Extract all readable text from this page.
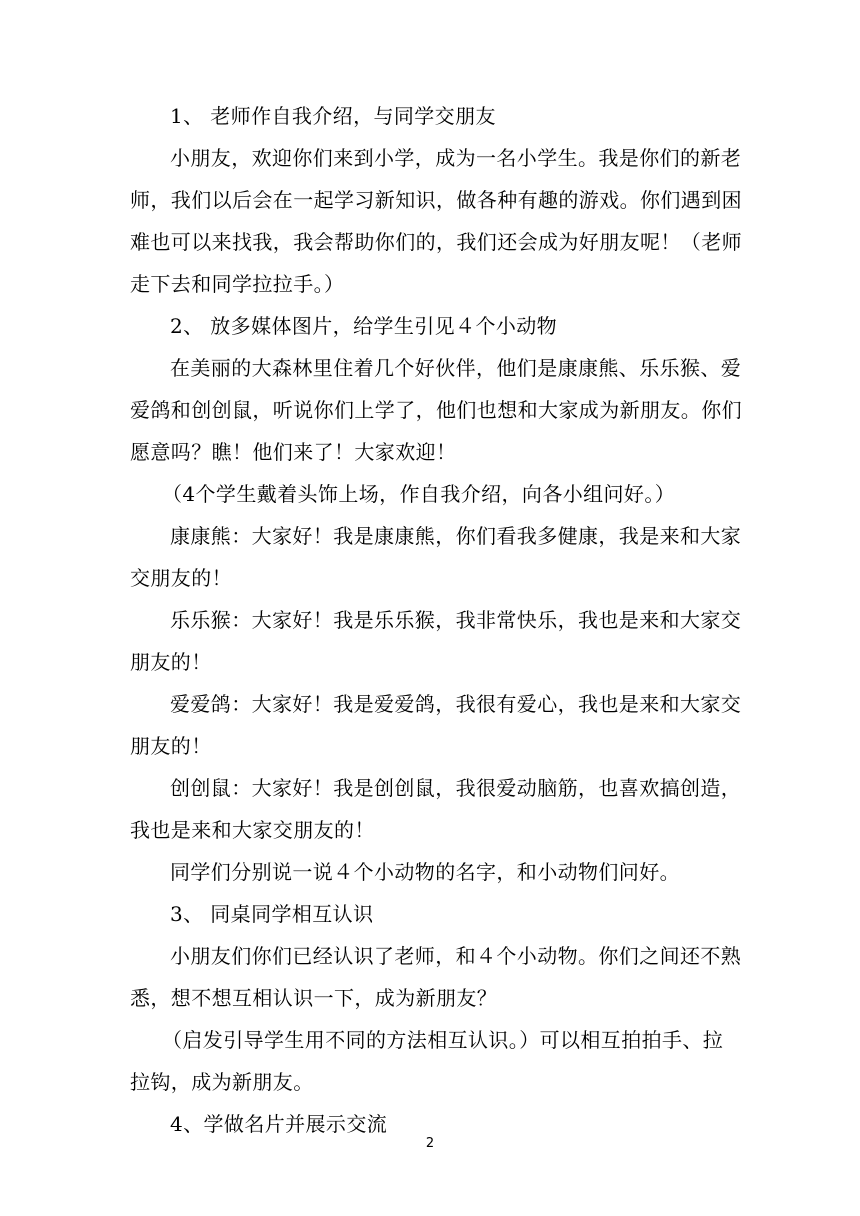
1、 老师作自我介绍，与同学交朋友
小朋友，欢迎你们来到小学，成为一名小学生。我是你们的新老
师，我们以后会在一起学习新知识，做各种有趣的游戏。你们遇到困
难也可以来找我，我会帮助你们的，我们还会成为好朋友呢！（老师
走下去和同学拉拉手。）
2、 放多媒体图片，给学生引见４个小动物
在美丽的大森林里住着几个好伙伴，他们是康康熊、乐乐猴、爱
爱鸽和创创鼠，听说你们上学了，他们也想和大家成为新朋友。你们
愿意吗？瞧！他们来了！大家欢迎！
（4个学生戴着头饰上场，作自我介绍，向各小组问好。）
康康熊：大家好！我是康康熊，你们看我多健康，我是来和大家
交朋友的！
乐乐猴：大家好！我是乐乐猴，我非常快乐，我也是来和大家交
朋友的！
爱爱鸽：大家好！我是爱爱鸽，我很有爱心，我也是来和大家交
朋友的！
创创鼠：大家好！我是创创鼠，我很爱动脑筋，也喜欢搞创造，
我也是来和大家交朋友的！
同学们分别说一说４个小动物的名字，和小动物们问好。
3、 同桌同学相互认识
小朋友们你们已经认识了老师，和４个小动物。你们之间还不熟
悉，想不想互相认识一下，成为新朋友？
（启发引导学生用不同的方法相互认识。）可以相互拍拍手、拉
拉钩，成为新朋友。
4、学做名片并展示交流
2
